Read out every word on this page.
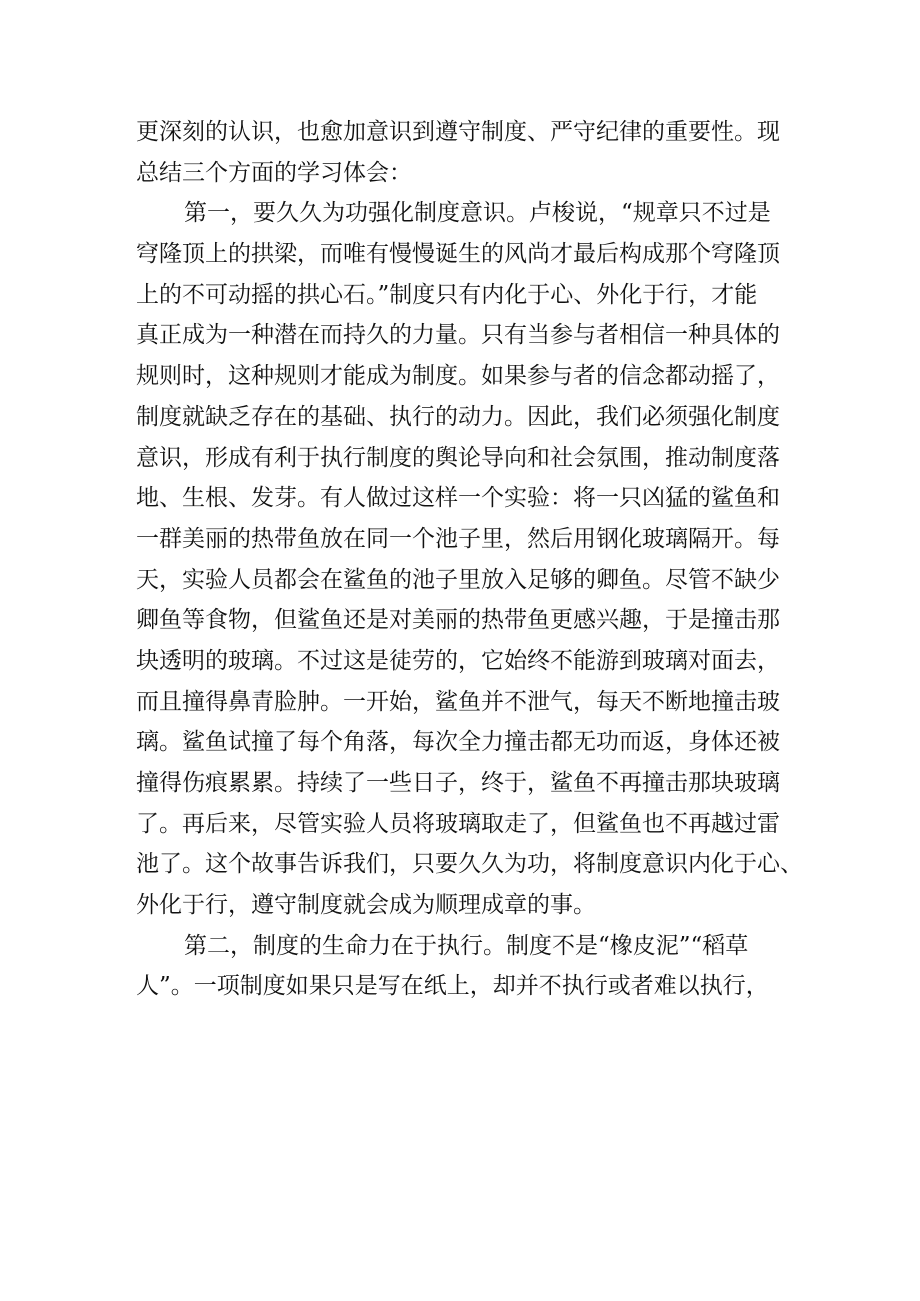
更深刻的认识，也愈加意识到遵守制度、严守纪律的重要性。现
总结三个方面的学习体会：
第一，要久久为功强化制度意识。卢梭说，“规章只不过是
穹隆顶上的拱梁，而唯有慢慢诞生的风尚才最后构成那个穹隆顶
上的不可动摇的拱心石。”制度只有内化于心、外化于行，才能
真正成为一种潜在而持久的力量。只有当参与者相信一种具体的
规则时，这种规则才能成为制度。如果参与者的信念都动摇了，
制度就缺乏存在的基础、执行的动力。因此，我们必须强化制度
意识，形成有利于执行制度的舆论导向和社会氛围，推动制度落
地、生根、发芽。有人做过这样一个实验：将一只凶猛的鲨鱼和
一群美丽的热带鱼放在同一个池子里，然后用钢化玻璃隔开。每
天，实验人员都会在鲨鱼的池子里放入足够的卿鱼。尽管不缺少
卿鱼等食物，但鲨鱼还是对美丽的热带鱼更感兴趣，于是撞击那
块透明的玻璃。不过这是徒劳的，它始终不能游到玻璃对面去，
而且撞得鼻青脸肿。一开始，鲨鱼并不泄气，每天不断地撞击玻
璃。鲨鱼试撞了每个角落，每次全力撞击都无功而返，身体还被
撞得伤痕累累。持续了一些日子，终于，鲨鱼不再撞击那块玻璃
了。再后来，尽管实验人员将玻璃取走了，但鲨鱼也不再越过雷
池了。这个故事告诉我们，只要久久为功，将制度意识内化于心、
外化于行，遵守制度就会成为顺理成章的事。
第二，制度的生命力在于执行。制度不是“橡皮泥”“稻草
人”。一项制度如果只是写在纸上，却并不执行或者难以执行，
